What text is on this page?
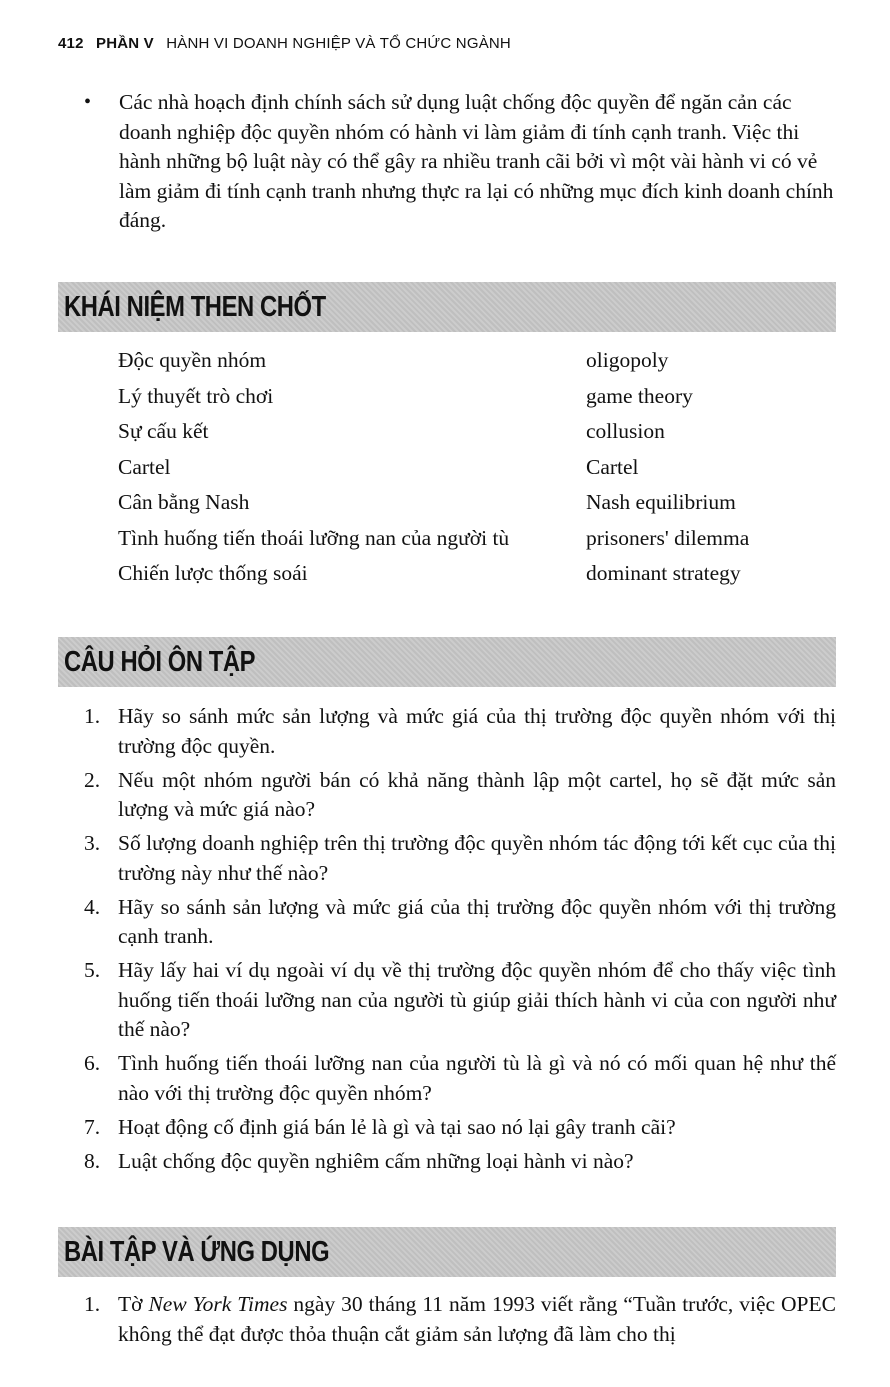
412 PHẦN V HÀNH VI DOANH NGHIỆP VÀ TỔ CHỨC NGÀNH
• Các nhà hoạch định chính sách sử dụng luật chống độc quyền để ngăn cản các doanh nghiệp độc quyền nhóm có hành vi làm giảm đi tính cạnh tranh. Việc thi hành những bộ luật này có thể gây ra nhiều tranh cãi bởi vì một vài hành vi có vẻ làm giảm đi tính cạnh tranh nhưng thực ra lại có những mục đích kinh doanh chính đáng.
KHÁI NIỆM THEN CHỐT
Độc quyền nhóm	oligopoly
Lý thuyết trò chơi	game theory
Sự cấu kết	collusion
Cartel	Cartel
Cân bằng Nash	Nash equilibrium
Tình huống tiến thoái lưỡng nan của người tù	prisoners' dilemma
Chiến lược thống soái	dominant strategy
CÂU HỎI ÔN TẬP
1. Hãy so sánh mức sản lượng và mức giá của thị trường độc quyền nhóm với thị trường độc quyền.
2. Nếu một nhóm người bán có khả năng thành lập một cartel, họ sẽ đặt mức sản lượng và mức giá nào?
3. Số lượng doanh nghiệp trên thị trường độc quyền nhóm tác động tới kết cục của thị trường này như thế nào?
4. Hãy so sánh sản lượng và mức giá của thị trường độc quyền nhóm với thị trường cạnh tranh.
5. Hãy lấy hai ví dụ ngoài ví dụ về thị trường độc quyền nhóm để cho thấy việc tình huống tiến thoái lưỡng nan của người tù giúp giải thích hành vi của con người như thế nào?
6. Tình huống tiến thoái lưỡng nan của người tù là gì và nó có mối quan hệ như thế nào với thị trường độc quyền nhóm?
7. Hoạt động cố định giá bán lẻ là gì và tại sao nó lại gây tranh cãi?
8. Luật chống độc quyền nghiêm cấm những loại hành vi nào?
BÀI TẬP VÀ ỨNG DỤNG
1. Tờ New York Times ngày 30 tháng 11 năm 1993 viết rằng “Tuần trước, việc OPEC không thể đạt được thỏa thuận cắt giảm sản lượng đã làm cho thị
